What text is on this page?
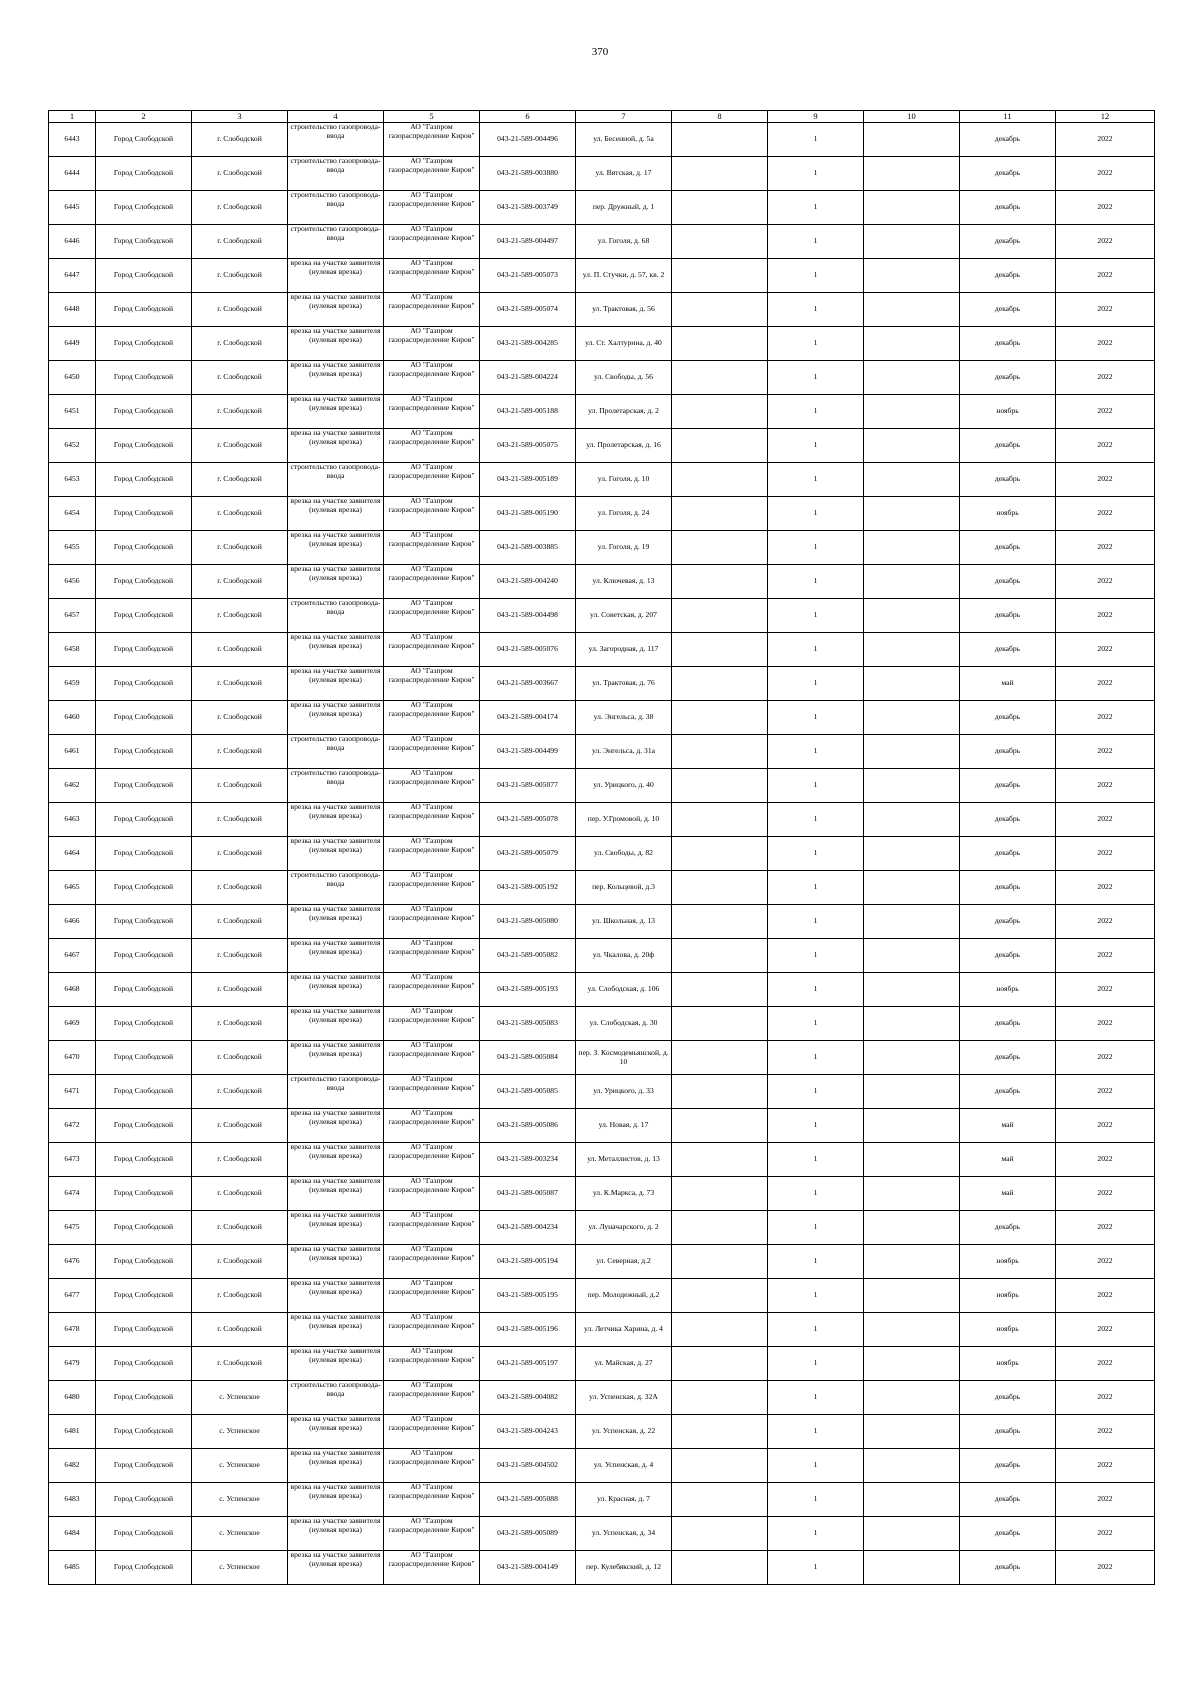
370
1	2	3	4	5	6	7	8	9	10	11	12
6443	Город Слободской	г. Слободской	строительство газопровода-ввода	АО "Газпром газораспределение Киров"	043-21-589-004496	ул. Бесенной, д. 5а		1		декабрь	2022
6444	Город Слободской	г. Слободской	строительство газопровода-ввода	АО "Газпром газораспределение Киров"	043-21-589-003880	ул. Вятская, д. 17		1		декабрь	2022
6445	Город Слободской	г. Слободской	строительство газопровода-ввода	АО "Газпром газораспределение Киров"	043-21-589-003749	пер. Дружный, д. 1		1		декабрь	2022
6446	Город Слободской	г. Слободской	строительство газопровода-ввода	АО "Газпром газораспределение Киров"	043-21-589-004497	ул. Гоголя, д. 68		1		декабрь	2022
6447	Город Слободской	г. Слободской	врезка на участке заявителя (нулевая врезка)	АО "Газпром газораспределение Киров"	043-21-589-005073	ул. П. Стучки, д. 57, кв. 2		1		декабрь	2022
6448	Город Слободской	г. Слободской	врезка на участке заявителя (нулевая врезка)	АО "Газпром газораспределение Киров"	043-21-589-005074	ул. Трактовая, д. 56		1		декабрь	2022
6449	Город Слободской	г. Слободской	врезка на участке заявителя (нулевая врезка)	АО "Газпром газораспределение Киров"	043-21-589-004285	ул. Ст. Халтурина, д. 40		1		декабрь	2022
6450	Город Слободской	г. Слободской	врезка на участке заявителя (нулевая врезка)	АО "Газпром газораспределение Киров"	043-21-589-004224	ул. Свободы, д. 56		1		декабрь	2022
6451	Город Слободской	г. Слободской	врезка на участке заявителя (нулевая врезка)	АО "Газпром газораспределение Киров"	043-21-589-005188	ул. Пролетарская, д. 2		1		ноябрь	2022
6452	Город Слободской	г. Слободской	врезка на участке заявителя (нулевая врезка)	АО "Газпром газораспределение Киров"	043-21-589-005075	ул. Пролетарская, д. 16		1		декабрь	2022
6453	Город Слободской	г. Слободской	строительство газопровода-ввода	АО "Газпром газораспределение Киров"	043-21-589-005189	ул. Гоголя, д. 10		1		декабрь	2022
6454	Город Слободской	г. Слободской	врезка на участке заявителя (нулевая врезка)	АО "Газпром газораспределение Киров"	043-21-589-005190	ул. Гоголя, д. 24		1		ноябрь	2022
6455	Город Слободской	г. Слободской	врезка на участке заявителя (нулевая врезка)	АО "Газпром газораспределение Киров"	043-21-589-003885	ул. Гоголя, д. 19		1		декабрь	2022
6456	Город Слободской	г. Слободской	врезка на участке заявителя (нулевая врезка)	АО "Газпром газораспределение Киров"	043-21-589-004240	ул. Ключевая, д. 13		1		декабрь	2022
6457	Город Слободской	г. Слободской	строительство газопровода-ввода	АО "Газпром газораспределение Киров"	043-21-589-004498	ул. Советская, д. 207		1		декабрь	2022
6458	Город Слободской	г. Слободской	врезка на участке заявителя (нулевая врезка)	АО "Газпром газораспределение Киров"	043-21-589-005076	ул. Загородная, д. 117		1		декабрь	2022
6459	Город Слободской	г. Слободской	врезка на участке заявителя (нулевая врезка)	АО "Газпром газораспределение Киров"	043-21-589-003667	ул. Трактовая, д. 76		1		май	2022
6460	Город Слободской	г. Слободской	врезка на участке заявителя (нулевая врезка)	АО "Газпром газораспределение Киров"	043-21-589-004174	ул. Энгельса, д. 38		1		декабрь	2022
6461	Город Слободской	г. Слободской	строительство газопровода-ввода	АО "Газпром газораспределение Киров"	043-21-589-004499	ул. Энгельса, д. 31а		1		декабрь	2022
6462	Город Слободской	г. Слободской	строительство газопровода-ввода	АО "Газпром газораспределение Киров"	043-21-589-005077	ул. Урицкого, д. 40		1		декабрь	2022
6463	Город Слободской	г. Слободской	врезка на участке заявителя (нулевая врезка)	АО "Газпром газораспределение Киров"	043-21-589-005078	пер. У.Громовой, д. 10		1		декабрь	2022
6464	Город Слободской	г. Слободской	врезка на участке заявителя (нулевая врезка)	АО "Газпром газораспределение Киров"	043-21-589-005079	ул. Свободы, д. 82		1		декабрь	2022
6465	Город Слободской	г. Слободской	строительство газопровода-ввода	АО "Газпром газораспределение Киров"	043-21-589-005192	пер. Кольцевой, д.3		1		декабрь	2022
6466	Город Слободской	г. Слободской	врезка на участке заявителя (нулевая врезка)	АО "Газпром газораспределение Киров"	043-21-589-005080	ул. Школьная, д. 13		1		декабрь	2022
6467	Город Слободской	г. Слободской	врезка на участке заявителя (нулевая врезка)	АО "Газпром газораспределение Киров"	043-21-589-005082	ул. Чкалова, д. 20ф		1		декабрь	2022
6468	Город Слободской	г. Слободской	врезка на участке заявителя (нулевая врезка)	АО "Газпром газораспределение Киров"	043-21-589-005193	ул. Слободская, д. 106		1		ноябрь	2022
6469	Город Слободской	г. Слободской	врезка на участке заявителя (нулевая врезка)	АО "Газпром газораспределение Киров"	043-21-589-005083	ул. Слободская, д. 30		1		декабрь	2022
6470	Город Слободской	г. Слободской	врезка на участке заявителя (нулевая врезка)	АО "Газпром газораспределение Киров"	043-21-589-005084	пер. З. Космодемьянской, д. 10		1		декабрь	2022
6471	Город Слободской	г. Слободской	строительство газопровода-ввода	АО "Газпром газораспределение Киров"	043-21-589-005085	ул. Урицкого, д. 33		1		декабрь	2022
6472	Город Слободской	г. Слободской	врезка на участке заявителя (нулевая врезка)	АО "Газпром газораспределение Киров"	043-21-589-005086	ул. Новая, д. 17		1		май	2022
6473	Город Слободской	г. Слободской	врезка на участке заявителя (нулевая врезка)	АО "Газпром газораспределение Киров"	043-21-589-003234	ул. Металлистов, д. 13		1		май	2022
6474	Город Слободской	г. Слободской	врезка на участке заявителя (нулевая врезка)	АО "Газпром газораспределение Киров"	043-21-589-005087	ул. К.Маркса, д. 73		1		май	2022
6475	Город Слободской	г. Слободской	врезка на участке заявителя (нулевая врезка)	АО "Газпром газораспределение Киров"	043-21-589-004234	ул. Луначарского, д. 2		1		декабрь	2022
6476	Город Слободской	г. Слободской	врезка на участке заявителя (нулевая врезка)	АО "Газпром газораспределение Киров"	043-21-589-005194	ул. Северная, д.2		1		ноябрь	2022
6477	Город Слободской	г. Слободской	врезка на участке заявителя (нулевая врезка)	АО "Газпром газораспределение Киров"	043-21-589-005195	пер. Молодежный, д.2		1		ноябрь	2022
6478	Город Слободской	г. Слободской	врезка на участке заявителя (нулевая врезка)	АО "Газпром газораспределение Киров"	043-21-589-005196	ул. Летчика Харина, д. 4		1		ноябрь	2022
6479	Город Слободской	г. Слободской	врезка на участке заявителя (нулевая врезка)	АО "Газпром газораспределение Киров"	043-21-589-005197	ул. Майская, д. 27		1		ноябрь	2022
6480	Город Слободской	с. Успенское	строительство газопровода-ввода	АО "Газпром газораспределение Киров"	043-21-589-004082	ул. Успенская, д. 32А		1		декабрь	2022
6481	Город Слободской	с. Успенское	врезка на участке заявителя (нулевая врезка)	АО "Газпром газораспределение Киров"	043-21-589-004243	ул. Успенская, д. 22		1		декабрь	2022
6482	Город Слободской	с. Успенское	врезка на участке заявителя (нулевая врезка)	АО "Газпром газораспределение Киров"	043-21-589-004502	ул. Успенская, д. 4		1		декабрь	2022
6483	Город Слободской	с. Успенское	врезка на участке заявителя (нулевая врезка)	АО "Газпром газораспределение Киров"	043-21-589-005088	ул. Красная, д. 7		1		декабрь	2022
6484	Город Слободской	с. Успенское	врезка на участке заявителя (нулевая врезка)	АО "Газпром газораспределение Киров"	043-21-589-005089	ул. Успенская, д. 34		1		декабрь	2022
6485	Город Слободской	с. Успенское	врезка на участке заявителя (нулевая врезка)	АО "Газпром газораспределение Киров"	043-21-589-004149	пер. Кулебякский, д. 12		1		декабрь	2022
